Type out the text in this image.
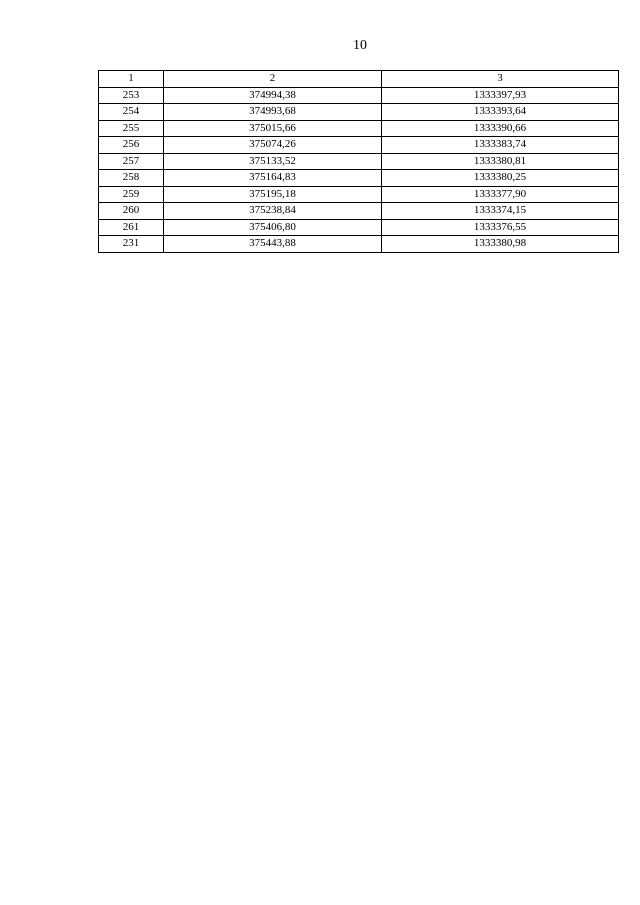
10
1	2	3
253	374994,38	1333397,93
254	374993,68	1333393,64
255	375015,66	1333390,66
256	375074,26	1333383,74
257	375133,52	1333380,81
258	375164,83	1333380,25
259	375195,18	1333377,90
260	375238,84	1333374,15
261	375406,80	1333376,55
231	375443,88	1333380,98
